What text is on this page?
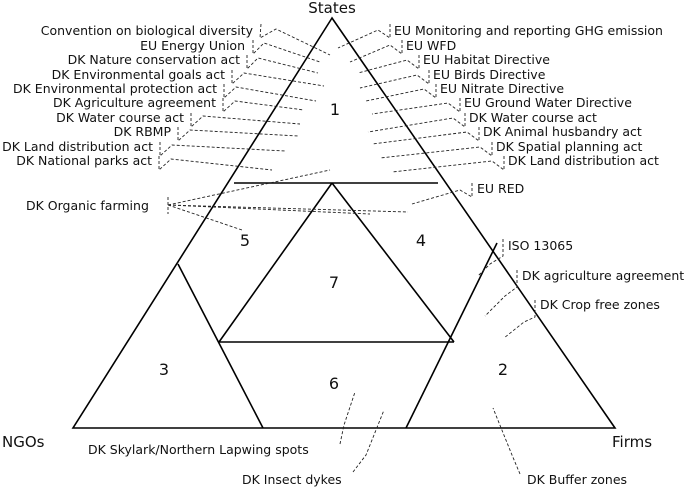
States
NGOs	Firms
1
2
3
4
5
6
7
Convention on biological diversity
EU Energy Union
DK Nature conservation act
DK Environmental goals act
DK Environmental protection act
DK Agriculture agreement
DK Water course act
DK RBMP
DK Land distribution act
DK National parks act
EU Monitoring and reporting GHG emission
EU WFD
EU Habitat Directive
EU Birds Directive
EU Nitrate Directive
EU Ground Water Directive
DK Water course act
DK Animal husbandry act
DK Spatial planning act
DK Land distribution act
DK Organic farming
EU RED
ISO 13065
DK agriculture agreement
DK Crop free zones
DK Skylark/Northern Lapwing spots
DK Insect dykes	DK Buffer zones
